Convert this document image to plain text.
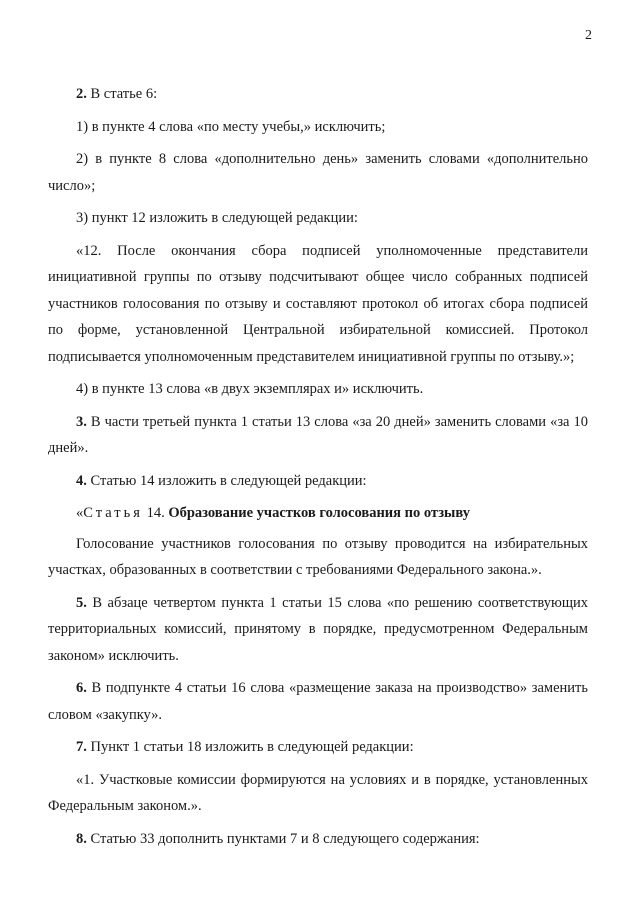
2

2. В статье 6:

1) в пункте 4 слова «по месту учебы,» исключить;

2) в пункте 8 слова «дополнительно день» заменить словами «дополнительно число»;

3) пункт 12 изложить в следующей редакции:

«12. После окончания сбора подписей уполномоченные представители инициативной группы по отзыву подсчитывают общее число собранных подписей участников голосования по отзыву и составляют протокол об итогах сбора подписей по форме, установленной Центральной избирательной комиссией. Протокол подписывается уполномоченным представителем инициативной группы по отзыву.»;

4) в пункте 13 слова «в двух экземплярах и» исключить.

3. В части третьей пункта 1 статьи 13 слова «за 20 дней» заменить словами «за 10 дней».

4. Статью 14 изложить в следующей редакции:

«Статья 14. Образование участков голосования по отзыву

Голосование участников голосования по отзыву проводится на избирательных участках, образованных в соответствии с требованиями Федерального закона.».

5. В абзаце четвертом пункта 1 статьи 15 слова «по решению соответствующих территориальных комиссий, принятому в порядке, предусмотренном Федеральным законом» исключить.

6. В подпункте 4 статьи 16 слова «размещение заказа на производство» заменить словом «закупку».

7. Пункт 1 статьи 18 изложить в следующей редакции:

«1. Участковые комиссии формируются на условиях и в порядке, установленных Федеральным законом.».

8. Статью 33 дополнить пунктами 7 и 8 следующего содержания:
